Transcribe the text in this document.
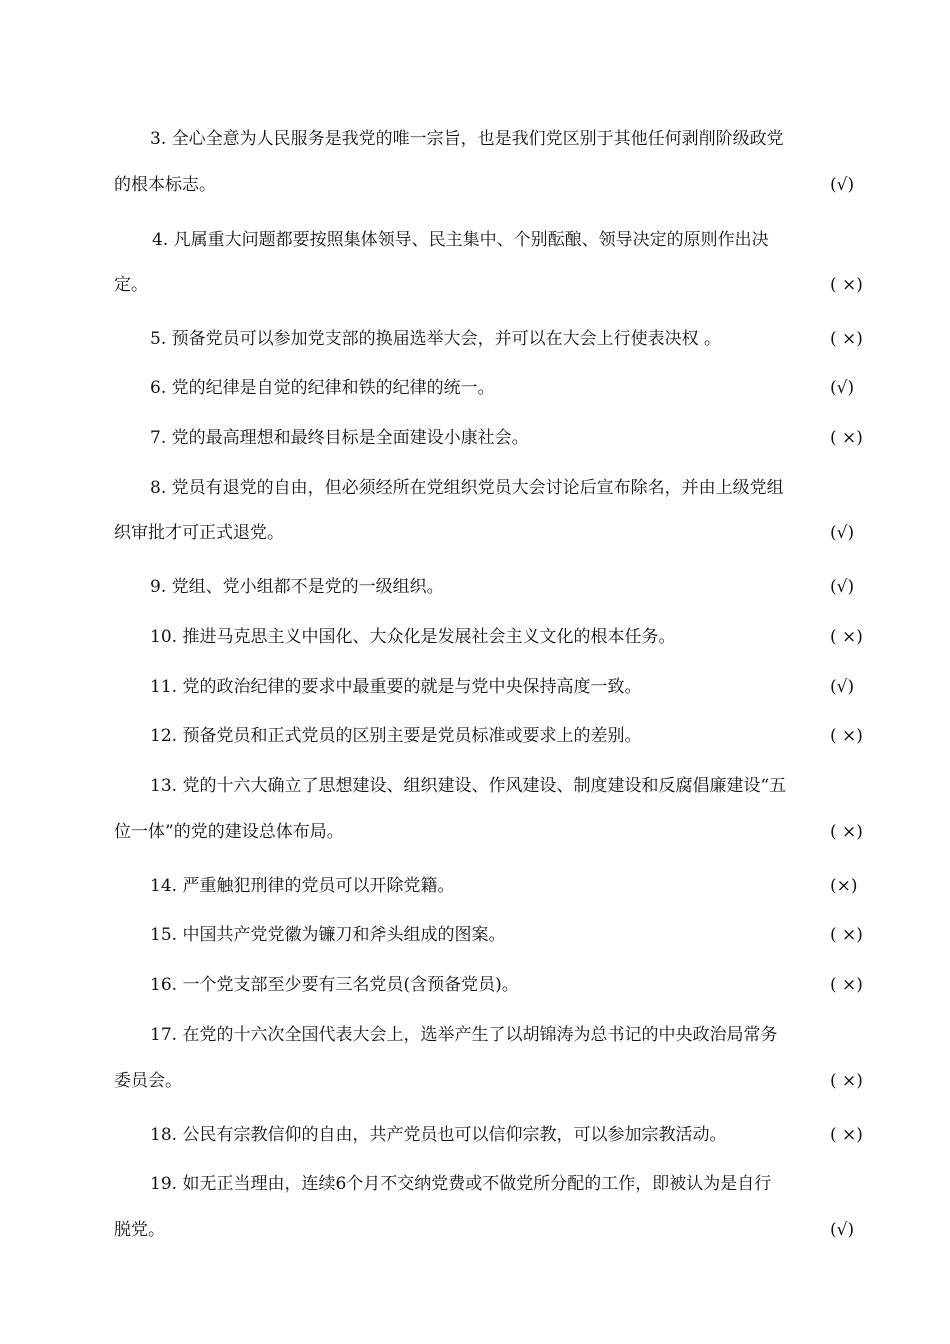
3. 全心全意为人民服务是我党的唯一宗旨，也是我们党区别于其他任何剥削阶级政党
的根本标志。	(√)
4. 凡属重大问题都要按照集体领导、民主集中、个别酝酿、领导决定的原则作出决
定。	( ×)
5. 预备党员可以参加党支部的换届选举大会，并可以在大会上行使表决权 。	( ×)
6. 党的纪律是自觉的纪律和铁的纪律的统一。	(√)
7. 党的最高理想和最终目标是全面建设小康社会。	( ×)
8. 党员有退党的自由，但必须经所在党组织党员大会讨论后宣布除名，并由上级党组
织审批才可正式退党。	(√)
9. 党组、党小组都不是党的一级组织。	(√)
10. 推进马克思主义中国化、大众化是发展社会主义文化的根本任务。	( ×)
11. 党的政治纪律的要求中最重要的就是与党中央保持高度一致。	(√)
12. 预备党员和正式党员的区别主要是党员标准或要求上的差别。	( ×)
13. 党的十六大确立了思想建设、组织建设、作风建设、制度建设和反腐倡廉建设“五
位一体”的党的建设总体布局。	( ×)
14. 严重触犯刑律的党员可以开除党籍。	(×)
15. 中国共产党党徽为镰刀和斧头组成的图案。	( ×)
16. 一个党支部至少要有三名党员(含预备党员)。	( ×)
17. 在党的十六次全国代表大会上，选举产生了以胡锦涛为总书记的中央政治局常务
委员会。	( ×)
18. 公民有宗教信仰的自由，共产党员也可以信仰宗教，可以参加宗教活动。	( ×)
19. 如无正当理由，连续6个月不交纳党费或不做党所分配的工作，即被认为是自行
脱党。	(√)
